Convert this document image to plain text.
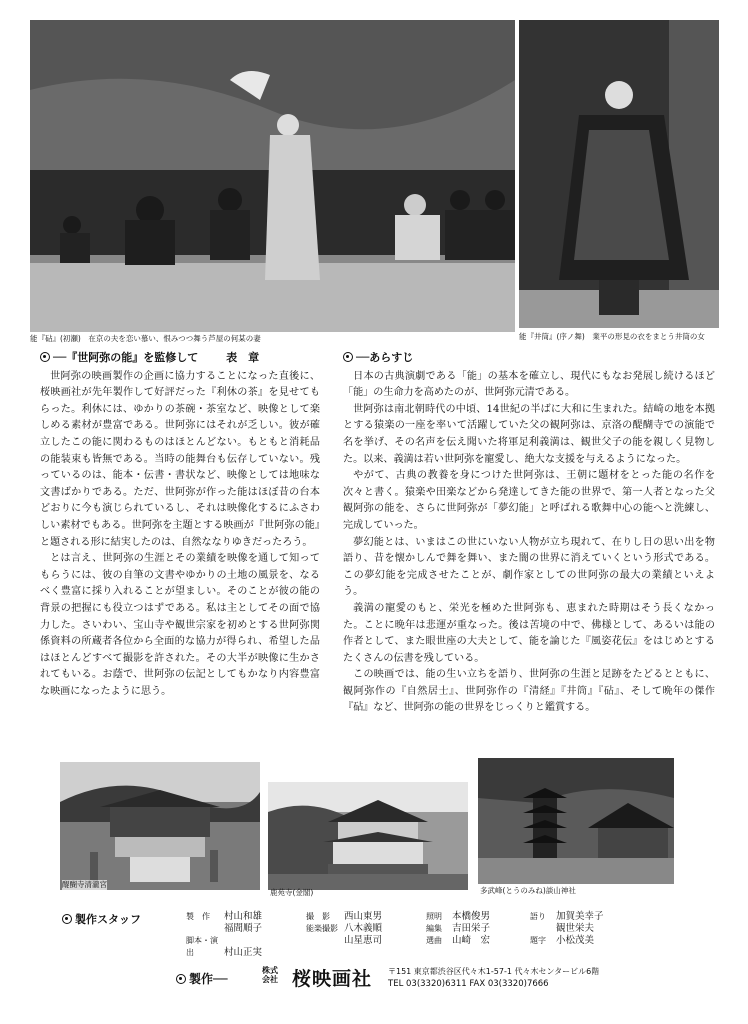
能『砧』(初瀬)　在京の夫を恋い慕い、恨みつつ舞う芦屋の何某の妻	能『井筒』(序ノ舞)　業平の形見の衣をまとう井筒の女
──『世阿弥の能』を監修して	表　章

世阿弥の映画製作の企画に協力することになった直後に、桜映画社が先年製作して好評だった『利休の茶』を見せてもらった。利休には、ゆかりの茶碗・茶室など、映像として楽しめる素材が豊富である。世阿弥にはそれが乏しい。彼が確立したこの能に関わるものはほとんどない。もともと消耗品の能装束も皆無である。当時の能舞台も伝存していない。残っているのは、能本・伝書・書状など、映像としては地味な文書ばかりである。ただ、世阿弥が作った能はほぼ昔の台本どおりに今も演じられているし、それは映像化するにふさわしい素材でもある。世阿弥を主題とする映画が『世阿弥の能』と題される形に結実したのは、自然ななりゆきだったろう。

とは言え、世阿弥の生涯とその業績を映像を通して知ってもらうには、彼の自筆の文書やゆかりの土地の風景を、なるべく豊富に採り入れることが望ましい。そのことが彼の能の背景の把握にも役立つはずである。私は主としてその面で協力した。さいわい、宝山寺や観世宗家を初めとする世阿弥関係資料の所蔵者各位から全面的な協力が得られ、希望した品はほとんどすべて撮影を許された。その大半が映像に生かされてもいる。お蔭で、世阿弥の伝記としてもかなり内容豊富な映画になったように思う。

──あらすじ

日本の古典演劇である「能」の基本を確立し、現代にもなお発展し続けるほど「能」の生命力を高めたのが、世阿弥元清である。

世阿弥は南北朝時代の中頃、14世紀の半ばに大和に生まれた。結崎の地を本拠とする猿楽の一座を率いて活躍していた父の観阿弥は、京洛の醍醐寺での演能で名を挙げ、その名声を伝え聞いた将軍足利義満は、観世父子の能を親しく見物した。以来、義満は若い世阿弥を寵愛し、絶大な支援を与えるようになった。

やがて、古典の教養を身につけた世阿弥は、王朝に題材をとった能の名作を次々と書く。猿楽や田楽などから発達してきた能の世界で、第一人者となった父観阿弥の能を、さらに世阿弥が「夢幻能」と呼ばれる歌舞中心の能へと洗練し、完成していった。

夢幻能とは、いまはこの世にいない人物が立ち現れて、在りし日の思い出を物語り、昔を懐かしんで舞を舞い、また闇の世界に消えていくという形式である。この夢幻能を完成させたことが、劇作家としての世阿弥の最大の業績といえよう。

義満の寵愛のもと、栄光を極めた世阿弥も、恵まれた時期はそう長くなかった。ことに晩年は悲運が重なった。後は苦境の中で、佛様として、あるいは能の作者として、また眼世座の大夫として、能を論じた『風姿花伝』をはじめとするたくさんの伝書を残している。

この映画では、能の生い立ちを語り、世阿弥の生涯と足跡をたどるとともに、観阿弥作の『自然居士』、世阿弥作の『清経』『井筒』『砧』、そして晩年の傑作『砧』など、世阿弥の能の世界をじっくりと鑑賞する。

醍醐寺清瀧宮
鹿苑寺(金閣)	多武峰(とうのみね)談山神社
製作スタッフ	製　作 村山和雄
福間順子
脚本・演出	村山正実
撮　影 西山東男
能楽撮影 八木義順
山星恵司
照明 本橋俊男
編集 吉田栄子
選曲 山崎　宏
語り 加賀美幸子
観世栄夫
題字 小松茂美
製作──
株式
会社 桜映画社 〒151 東京都渋谷区代々木1-57-1 代々木センタービル6階
TEL 03(3320)6311 FAX 03(3320)7666
